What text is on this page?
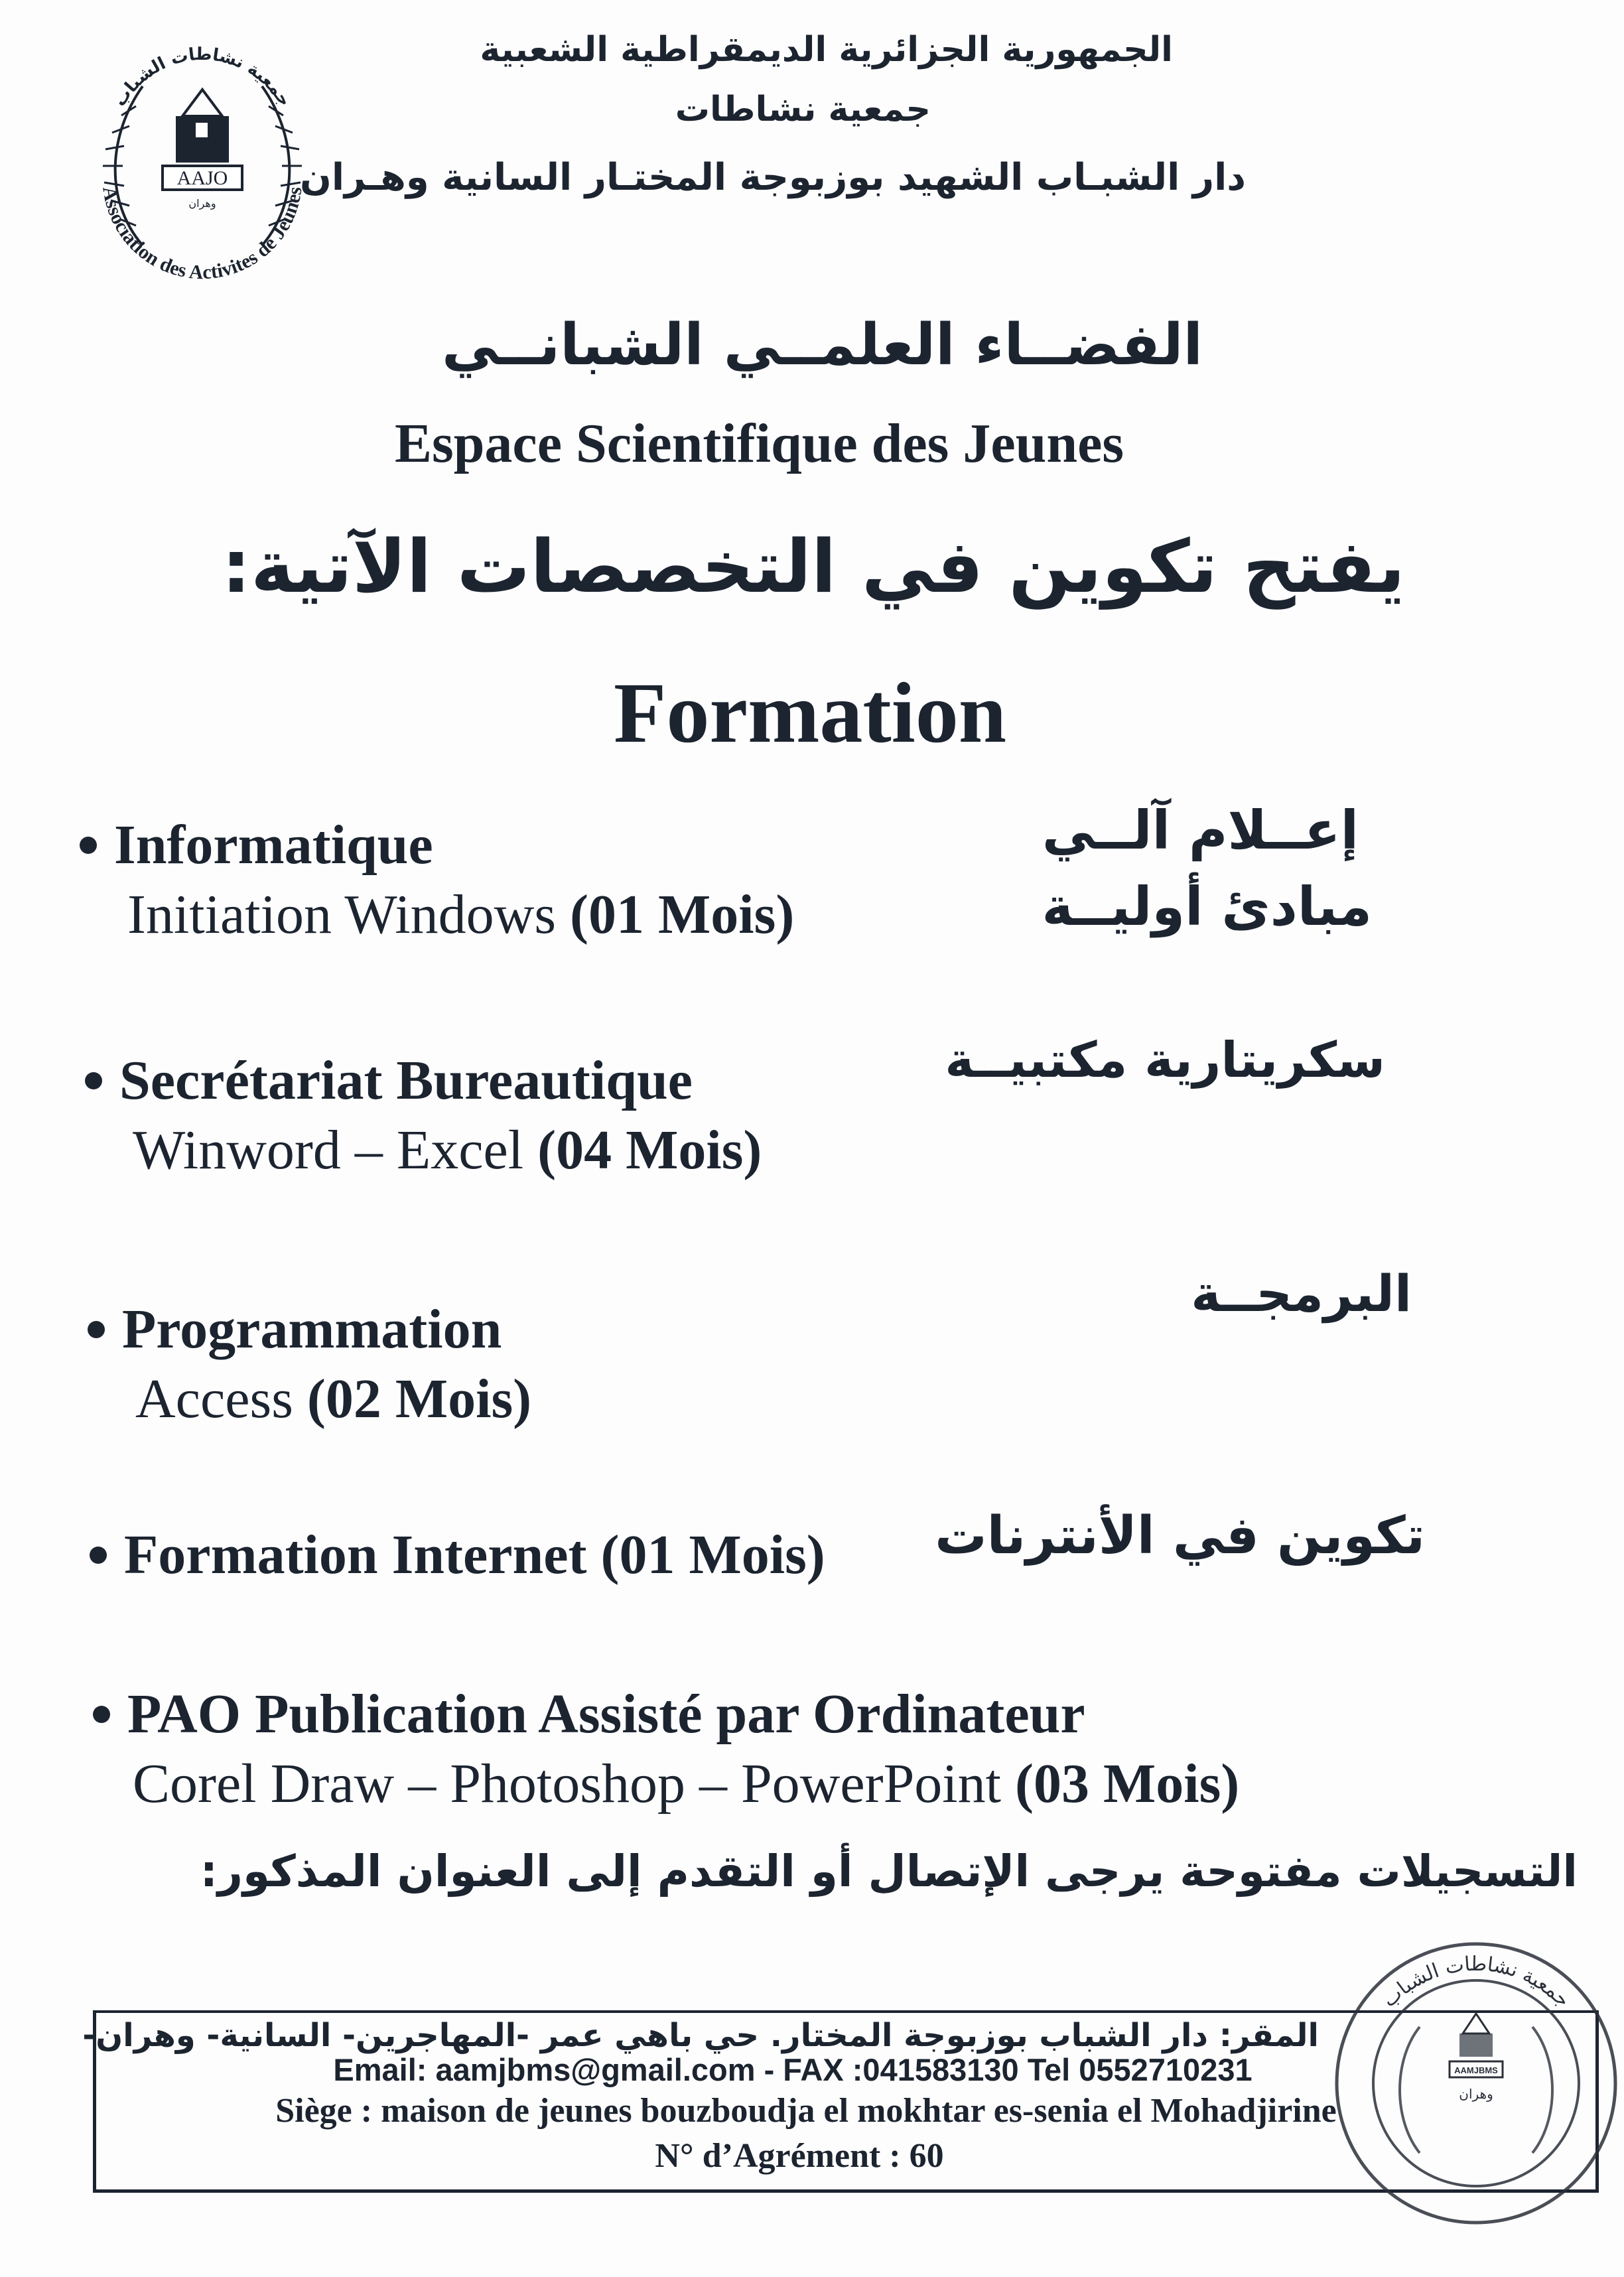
AAJO
وهران
Association des Activites de Jeunes
جمعية نشاطات الشباب
الجمهورية الجزائرية الديمقراطية الشعبية
جمعية نشاطات
دار الشبـاب الشهيد بوزبوجة المختـار السانية وهـران
الفضــاء العلمــي الشبانــي
Espace Scientifique des Jeunes
يفتح تكوين في التخصصات الآتية:
Formation
Informatique
Initiation Windows (01 Mois)
إعــلام آلــي
مبادئ أوليــة
Secrétariat Bureautique
Winword – Excel (04 Mois)
سكريتارية مكتبيــة
Programmation
Access (02 Mois)
البرمجــة
Formation Internet (01 Mois) تكوين في الأنترنات
PAO Publication Assisté par Ordinateur
Corel Draw – Photoshop – PowerPoint (03 Mois)
التسجيلات مفتوحة يرجى الإتصال أو التقدم إلى العنوان المذكور:
المقر: دار الشباب بوزبوجة المختار. حي باهي عمر -المهاجرين- السانية- وهران-
Email: aamjbms@gmail.com - FAX :041583130 Tel 0552710231
Siège : maison de jeunes bouzboudja el mokhtar es-senia el Mohadjirine
N° d’Agrément : 60
AAMJBMS
وهران
جمعية نشاطات الشباب
